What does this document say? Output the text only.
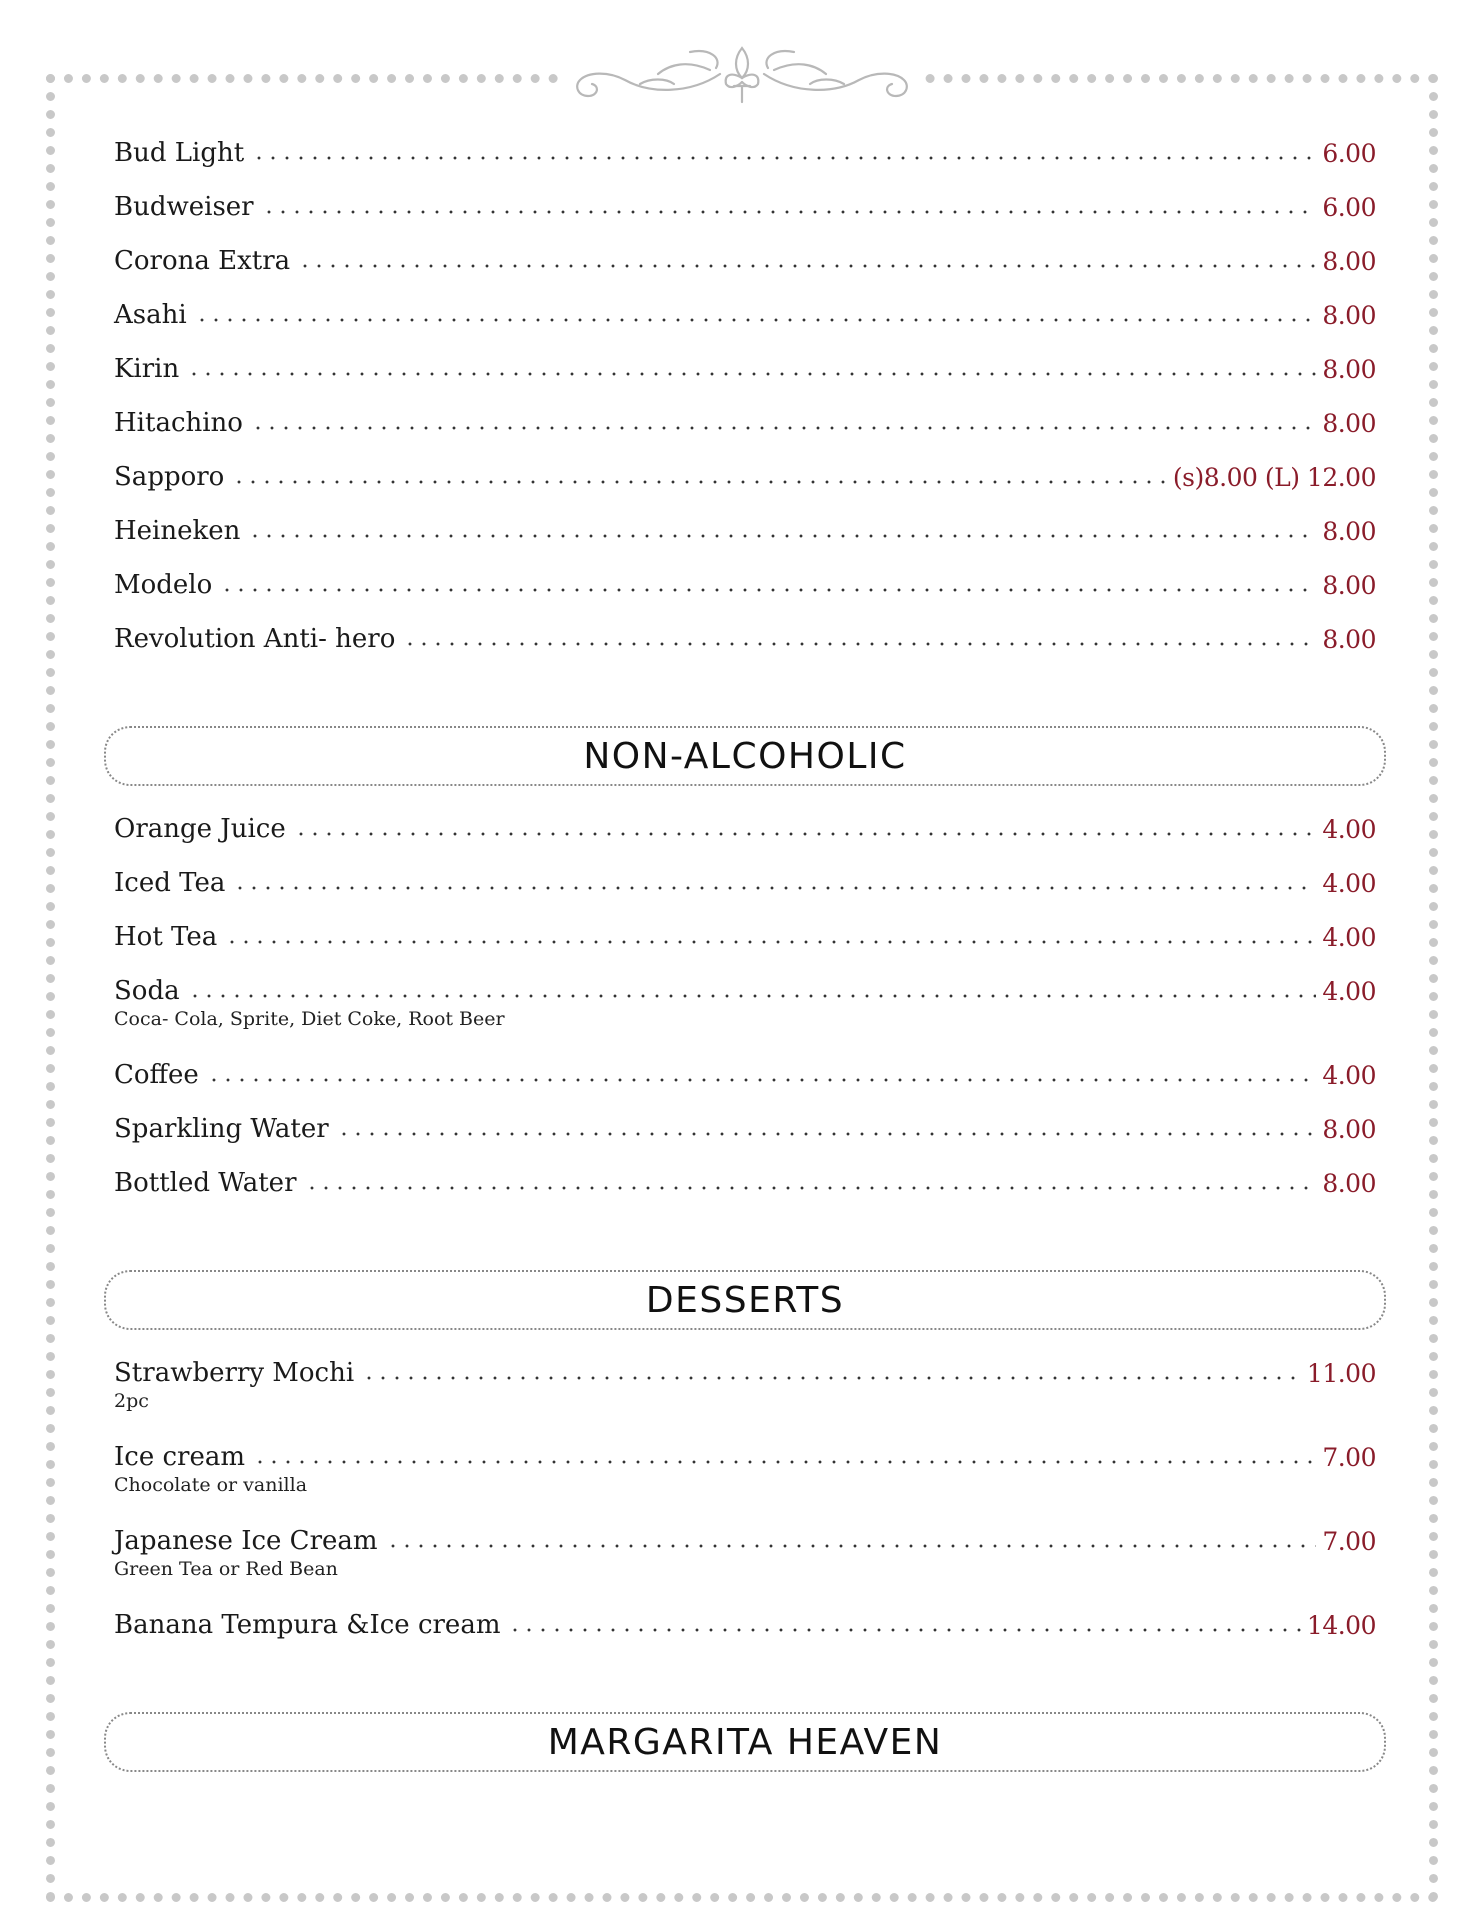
Bud Light	6.00
Budweiser	6.00
Corona Extra	8.00
Asahi	8.00
Kirin	8.00
Hitachino	8.00
Sapporo	(s)8.00 (L) 12.00
Heineken	8.00
Modelo	8.00
Revolution Anti- hero	8.00
NON-ALCOHOLIC
Orange Juice	4.00
Iced Tea	4.00
Hot Tea	4.00
Soda	4.00
Coca- Cola, Sprite, Diet Coke, Root Beer
Coffee	4.00
Sparkling Water	8.00
Bottled Water	8.00
DESSERTS
Strawberry Mochi	11.00
2pc
Ice cream	7.00
Chocolate or vanilla
Japanese Ice Cream	7.00
Green Tea or Red Bean
Banana Tempura &Ice cream	14.00
MARGARITA HEAVEN
